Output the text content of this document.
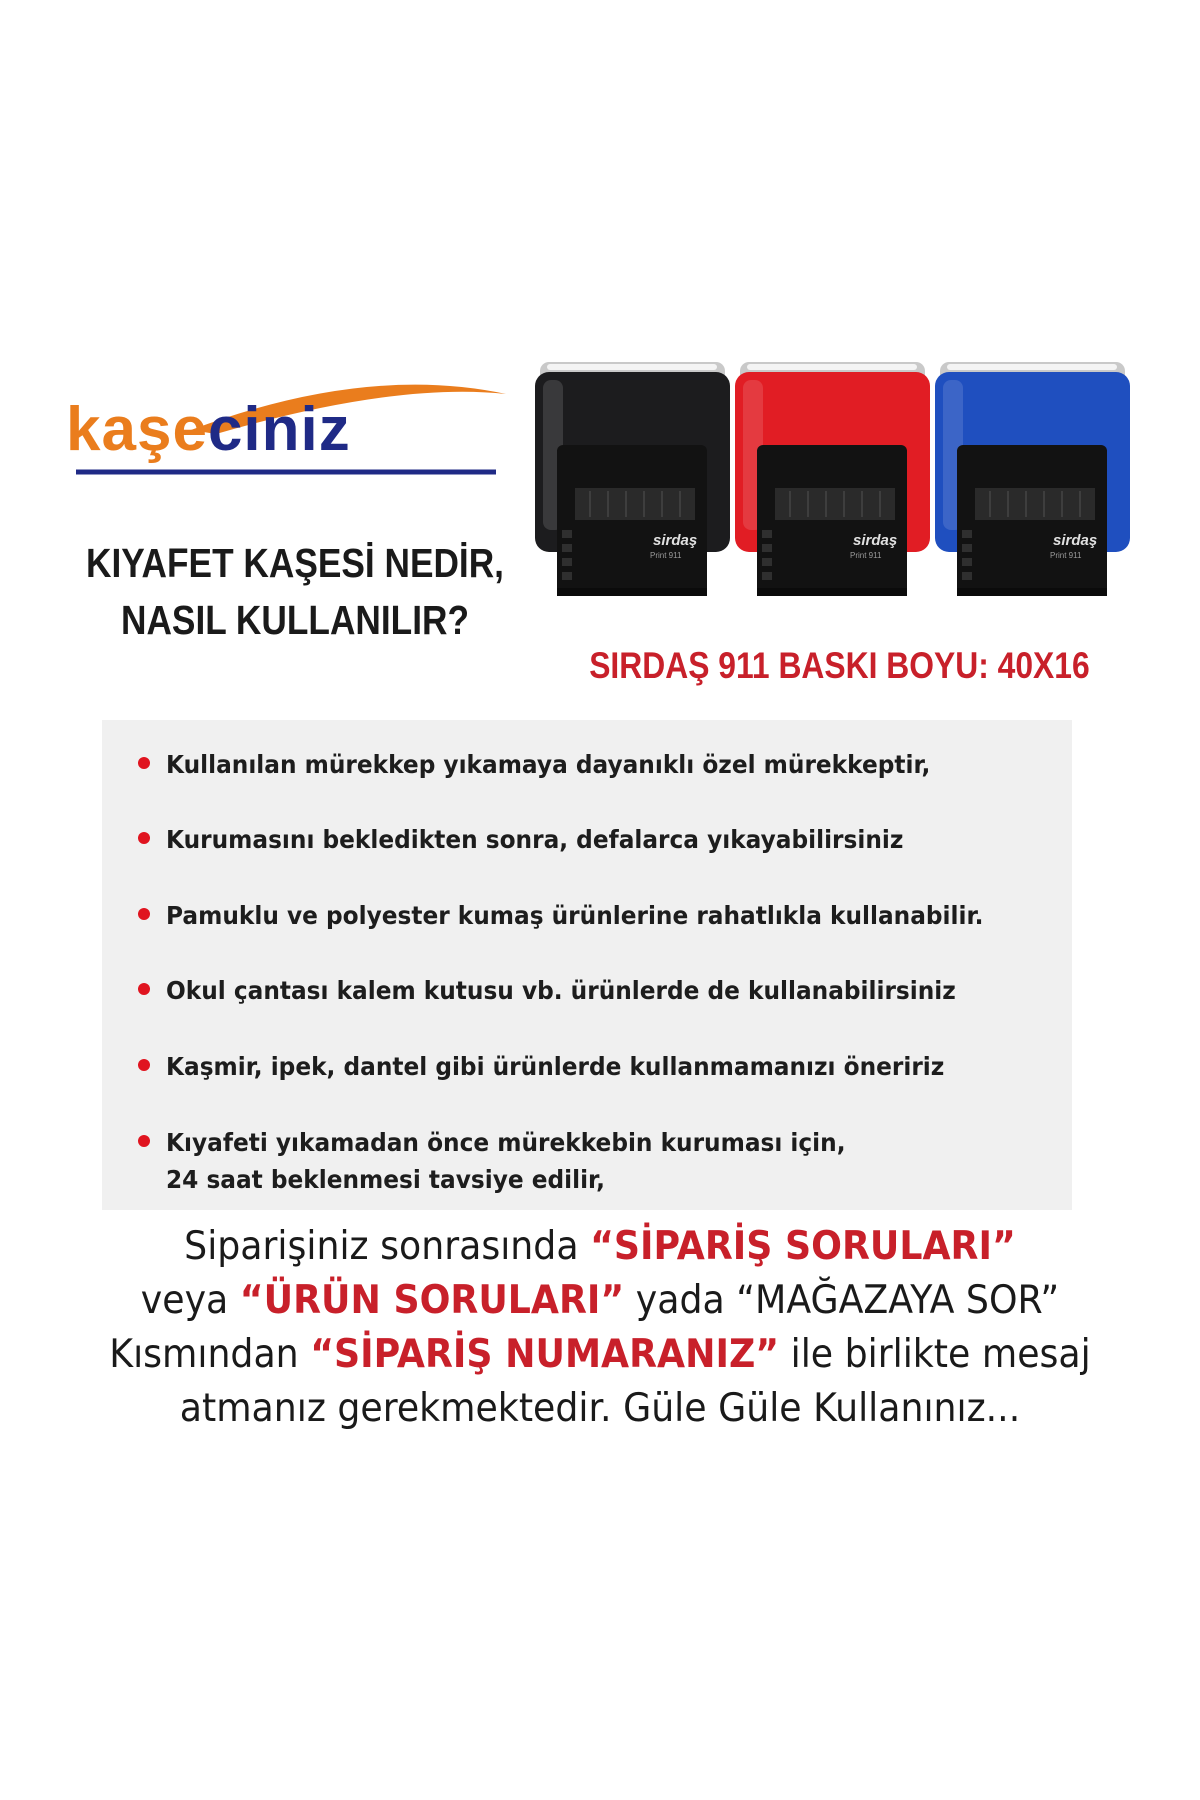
kaşeciniz
KIYAFET KAŞESİ NEDİR,
NASIL KULLANILIR?
sirdaş
Print 911
sirdaş
Print 911
sirdaş
Print 911
SIRDAŞ 911 BASKI BOYU: 40X16
Kullanılan mürekkep yıkamaya dayanıklı özel mürekkeptir,
Kurumasını bekledikten sonra, defalarca yıkayabilirsiniz
Pamuklu ve polyester kumaş ürünlerine rahatlıkla kullanabilir.
Okul çantası kalem kutusu vb. ürünlerde de kullanabilirsiniz
Kaşmir, ipek, dantel gibi ürünlerde kullanmamanızı öneririz
Kıyafeti yıkamadan önce mürekkebin kuruması için,
24 saat beklenmesi tavsiye edilir,
Siparişiniz sonrasında “SİPARİŞ SORULARI”
veya “ÜRÜN SORULARI” yada “MAĞAZAYA SOR”
Kısmından “SİPARİŞ NUMARANIZ” ile birlikte mesaj
atmanız gerekmektedir. Güle Güle Kullanınız...
